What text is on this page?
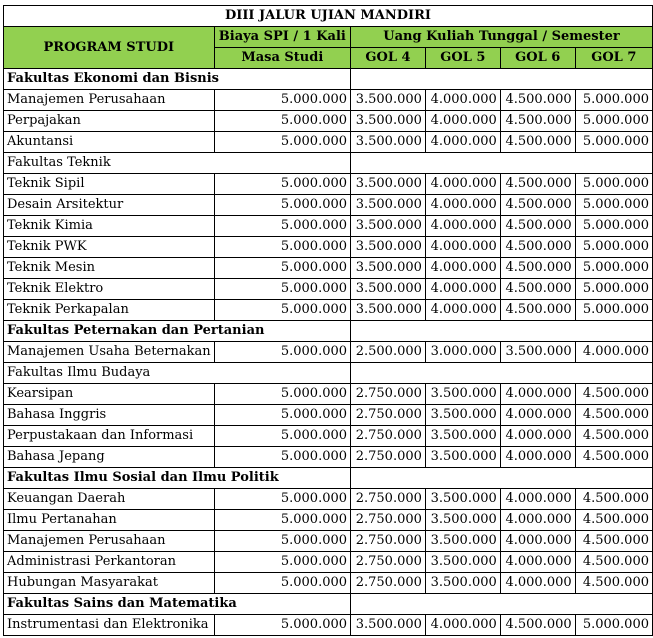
DIII JALUR UJIAN MANDIRI					
PROGRAM STUDI	Biaya SPI / 1 Kali	Uang Kuliah Tunggal / Semester			
	Masa Studi	GOL 4	GOL 5	GOL 6	GOL 7
Fakultas Ekonomi dan Bisnis					
Manajemen Perusahaan	5.000.000	3.500.000	4.000.000	4.500.000	5.000.000
Perpajakan	5.000.000	3.500.000	4.000.000	4.500.000	5.000.000
Akuntansi	5.000.000	3.500.000	4.000.000	4.500.000	5.000.000
Fakultas Teknik					
Teknik Sipil	5.000.000	3.500.000	4.000.000	4.500.000	5.000.000
Desain Arsitektur	5.000.000	3.500.000	4.000.000	4.500.000	5.000.000
Teknik Kimia	5.000.000	3.500.000	4.000.000	4.500.000	5.000.000
Teknik PWK	5.000.000	3.500.000	4.000.000	4.500.000	5.000.000
Teknik Mesin	5.000.000	3.500.000	4.000.000	4.500.000	5.000.000
Teknik Elektro	5.000.000	3.500.000	4.000.000	4.500.000	5.000.000
Teknik Perkapalan	5.000.000	3.500.000	4.000.000	4.500.000	5.000.000
Fakultas Peternakan dan Pertanian					
Manajemen Usaha Beternakan	5.000.000	2.500.000	3.000.000	3.500.000	4.000.000
Fakultas Ilmu Budaya					
Kearsipan	5.000.000	2.750.000	3.500.000	4.000.000	4.500.000
Bahasa Inggris	5.000.000	2.750.000	3.500.000	4.000.000	4.500.000
Perpustakaan dan Informasi	5.000.000	2.750.000	3.500.000	4.000.000	4.500.000
Bahasa Jepang	5.000.000	2.750.000	3.500.000	4.000.000	4.500.000
Fakultas Ilmu Sosial dan Ilmu Politik					
Keuangan Daerah	5.000.000	2.750.000	3.500.000	4.000.000	4.500.000
Ilmu Pertanahan	5.000.000	2.750.000	3.500.000	4.000.000	4.500.000
Manajemen Perusahaan	5.000.000	2.750.000	3.500.000	4.000.000	4.500.000
Administrasi Perkantoran	5.000.000	2.750.000	3.500.000	4.000.000	4.500.000
Hubungan Masyarakat	5.000.000	2.750.000	3.500.000	4.000.000	4.500.000
Fakultas Sains dan Matematika					
Instrumentasi dan Elektronika	5.000.000	3.500.000	4.000.000	4.500.000	5.000.000
